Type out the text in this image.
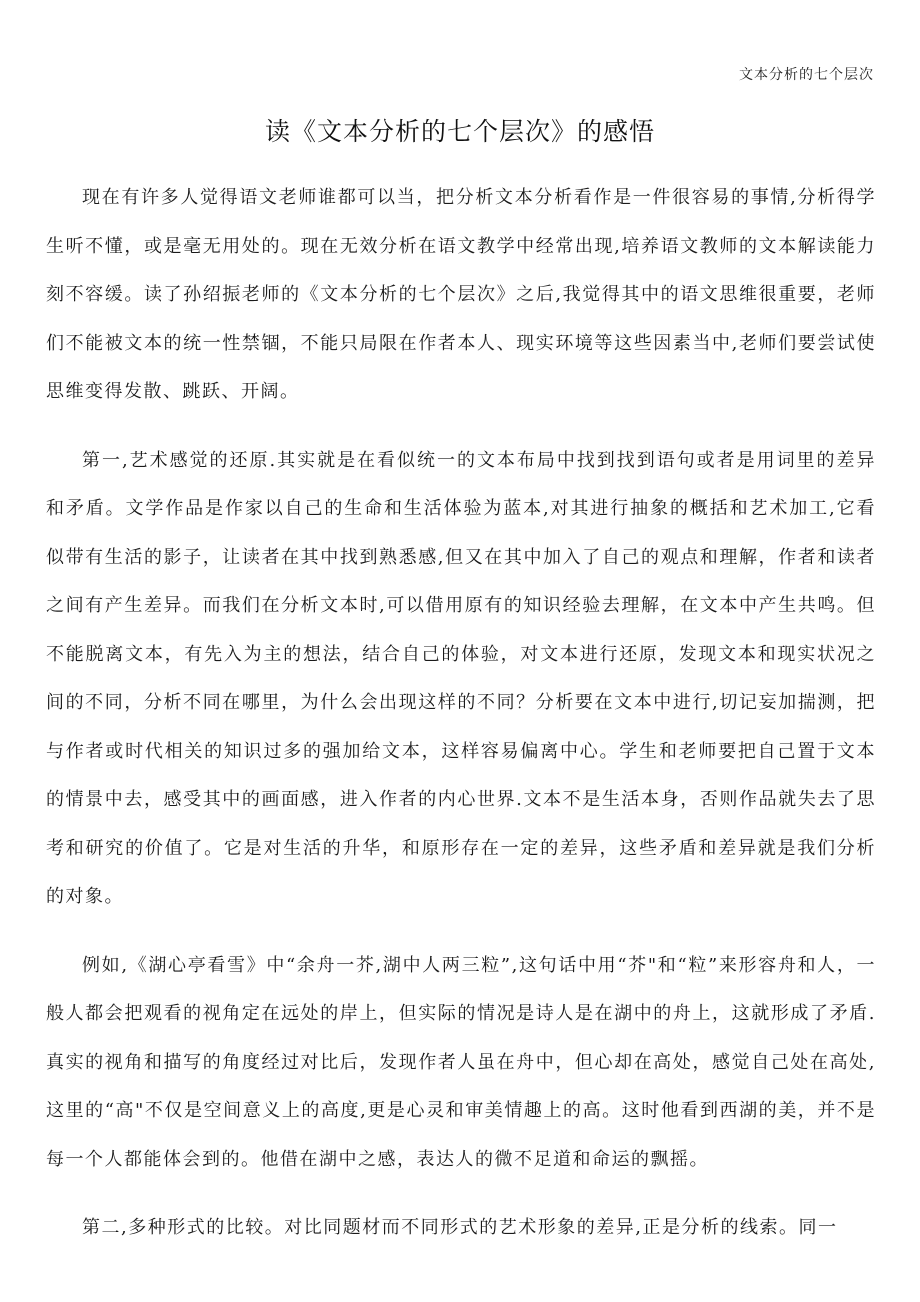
文本分析的七个层次
读《文本分析的七个层次》的感悟

现在有许多人觉得语文老师谁都可以当，把分析文本分析看作是一件很容易的事情,分析得学生听不懂，或是毫无用处的。现在无效分析在语文教学中经常出现,培养语文教师的文本解读能力刻不容缓。读了孙绍振老师的《文本分析的七个层次》之后,我觉得其中的语文思维很重要，老师们不能被文本的统一性禁锢，不能只局限在作者本人、现实环境等这些因素当中,老师们要尝试使思维变得发散、跳跃、开阔。

第一,艺术感觉的还原.其实就是在看似统一的文本布局中找到找到语句或者是用词里的差异和矛盾。文学作品是作家以自己的生命和生活体验为蓝本,对其进行抽象的概括和艺术加工,它看似带有生活的影子，让读者在其中找到熟悉感,但又在其中加入了自己的观点和理解，作者和读者之间有产生差异。而我们在分析文本时,可以借用原有的知识经验去理解，在文本中产生共鸣。但不能脱离文本，有先入为主的想法，结合自己的体验，对文本进行还原，发现文本和现实状况之间的不同，分析不同在哪里，为什么会出现这样的不同？分析要在文本中进行,切记妄加揣测，把与作者或时代相关的知识过多的强加给文本，这样容易偏离中心。学生和老师要把自己置于文本的情景中去，感受其中的画面感，进入作者的内心世界.文本不是生活本身，否则作品就失去了思考和研究的价值了。它是对生活的升华，和原形存在一定的差异，这些矛盾和差异就是我们分析的对象。

例如,《湖心亭看雪》中“余舟一芥,湖中人两三粒”,这句话中用“芥"和“粒”来形容舟和人，一般人都会把观看的视角定在远处的岸上，但实际的情况是诗人是在湖中的舟上，这就形成了矛盾.真实的视角和描写的角度经过对比后，发现作者人虽在舟中，但心却在高处，感觉自己处在高处,这里的“高"不仅是空间意义上的高度,更是心灵和审美情趣上的高。这时他看到西湖的美，并不是每一个人都能体会到的。他借在湖中之感，表达人的微不足道和命运的飘摇。

第二,多种形式的比较。对比同题材而不同形式的艺术形象的差异,正是分析的线索。同一
